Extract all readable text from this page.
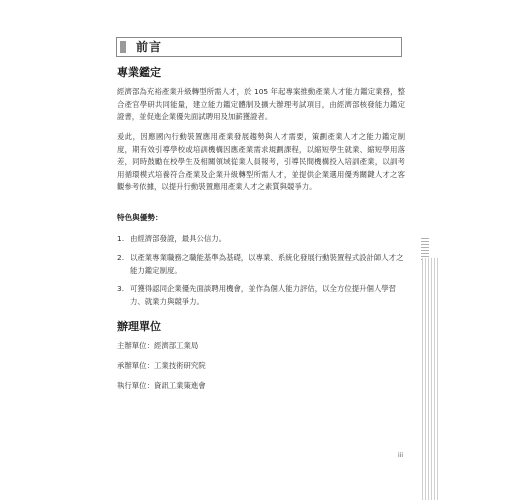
前言
專業鑑定

經濟部為充裕產業升級轉型所需人才，於 105 年起專案推動產業人才能力鑑定業務，整合產官學研共同能量，建立能力鑑定體制及擴大辦理考試項目，由經濟部核發能力鑑定證書，並促進企業優先面試聘用及加薪獲證者。

爰此，因應國內行動裝置應用產業發展趨勢與人才需要，策劃產業人才之能力鑑定制度，期有效引導學校或培訓機構因應產業需求規劃課程，以縮短學生就業、縮短學用落差，同時鼓勵在校學生及相關領域從業人員報考，引導民間機構投入培訓產業，以訓考用循環模式培養符合產業及企業升級轉型所需人才，並提供企業選用優秀關鍵人才之客觀參考依據，以提升行動裝置應用產業人才之素質與競爭力。

特色與優勢：
1. 由經濟部發證，最具公信力。
2. 以產業專業職務之職能基準為基礎，以專業、系統化發展行動裝置程式設計師人才之能力鑑定制度。
3. 可獲得認同企業優先面談聘用機會，並作為個人能力評估，以全方位提升個人學習力、就業力與競爭力。
辦理單位
主辦單位：經濟部工業局
承辦單位：工業技術研究院
執行單位：資訊工業策進會
iii
